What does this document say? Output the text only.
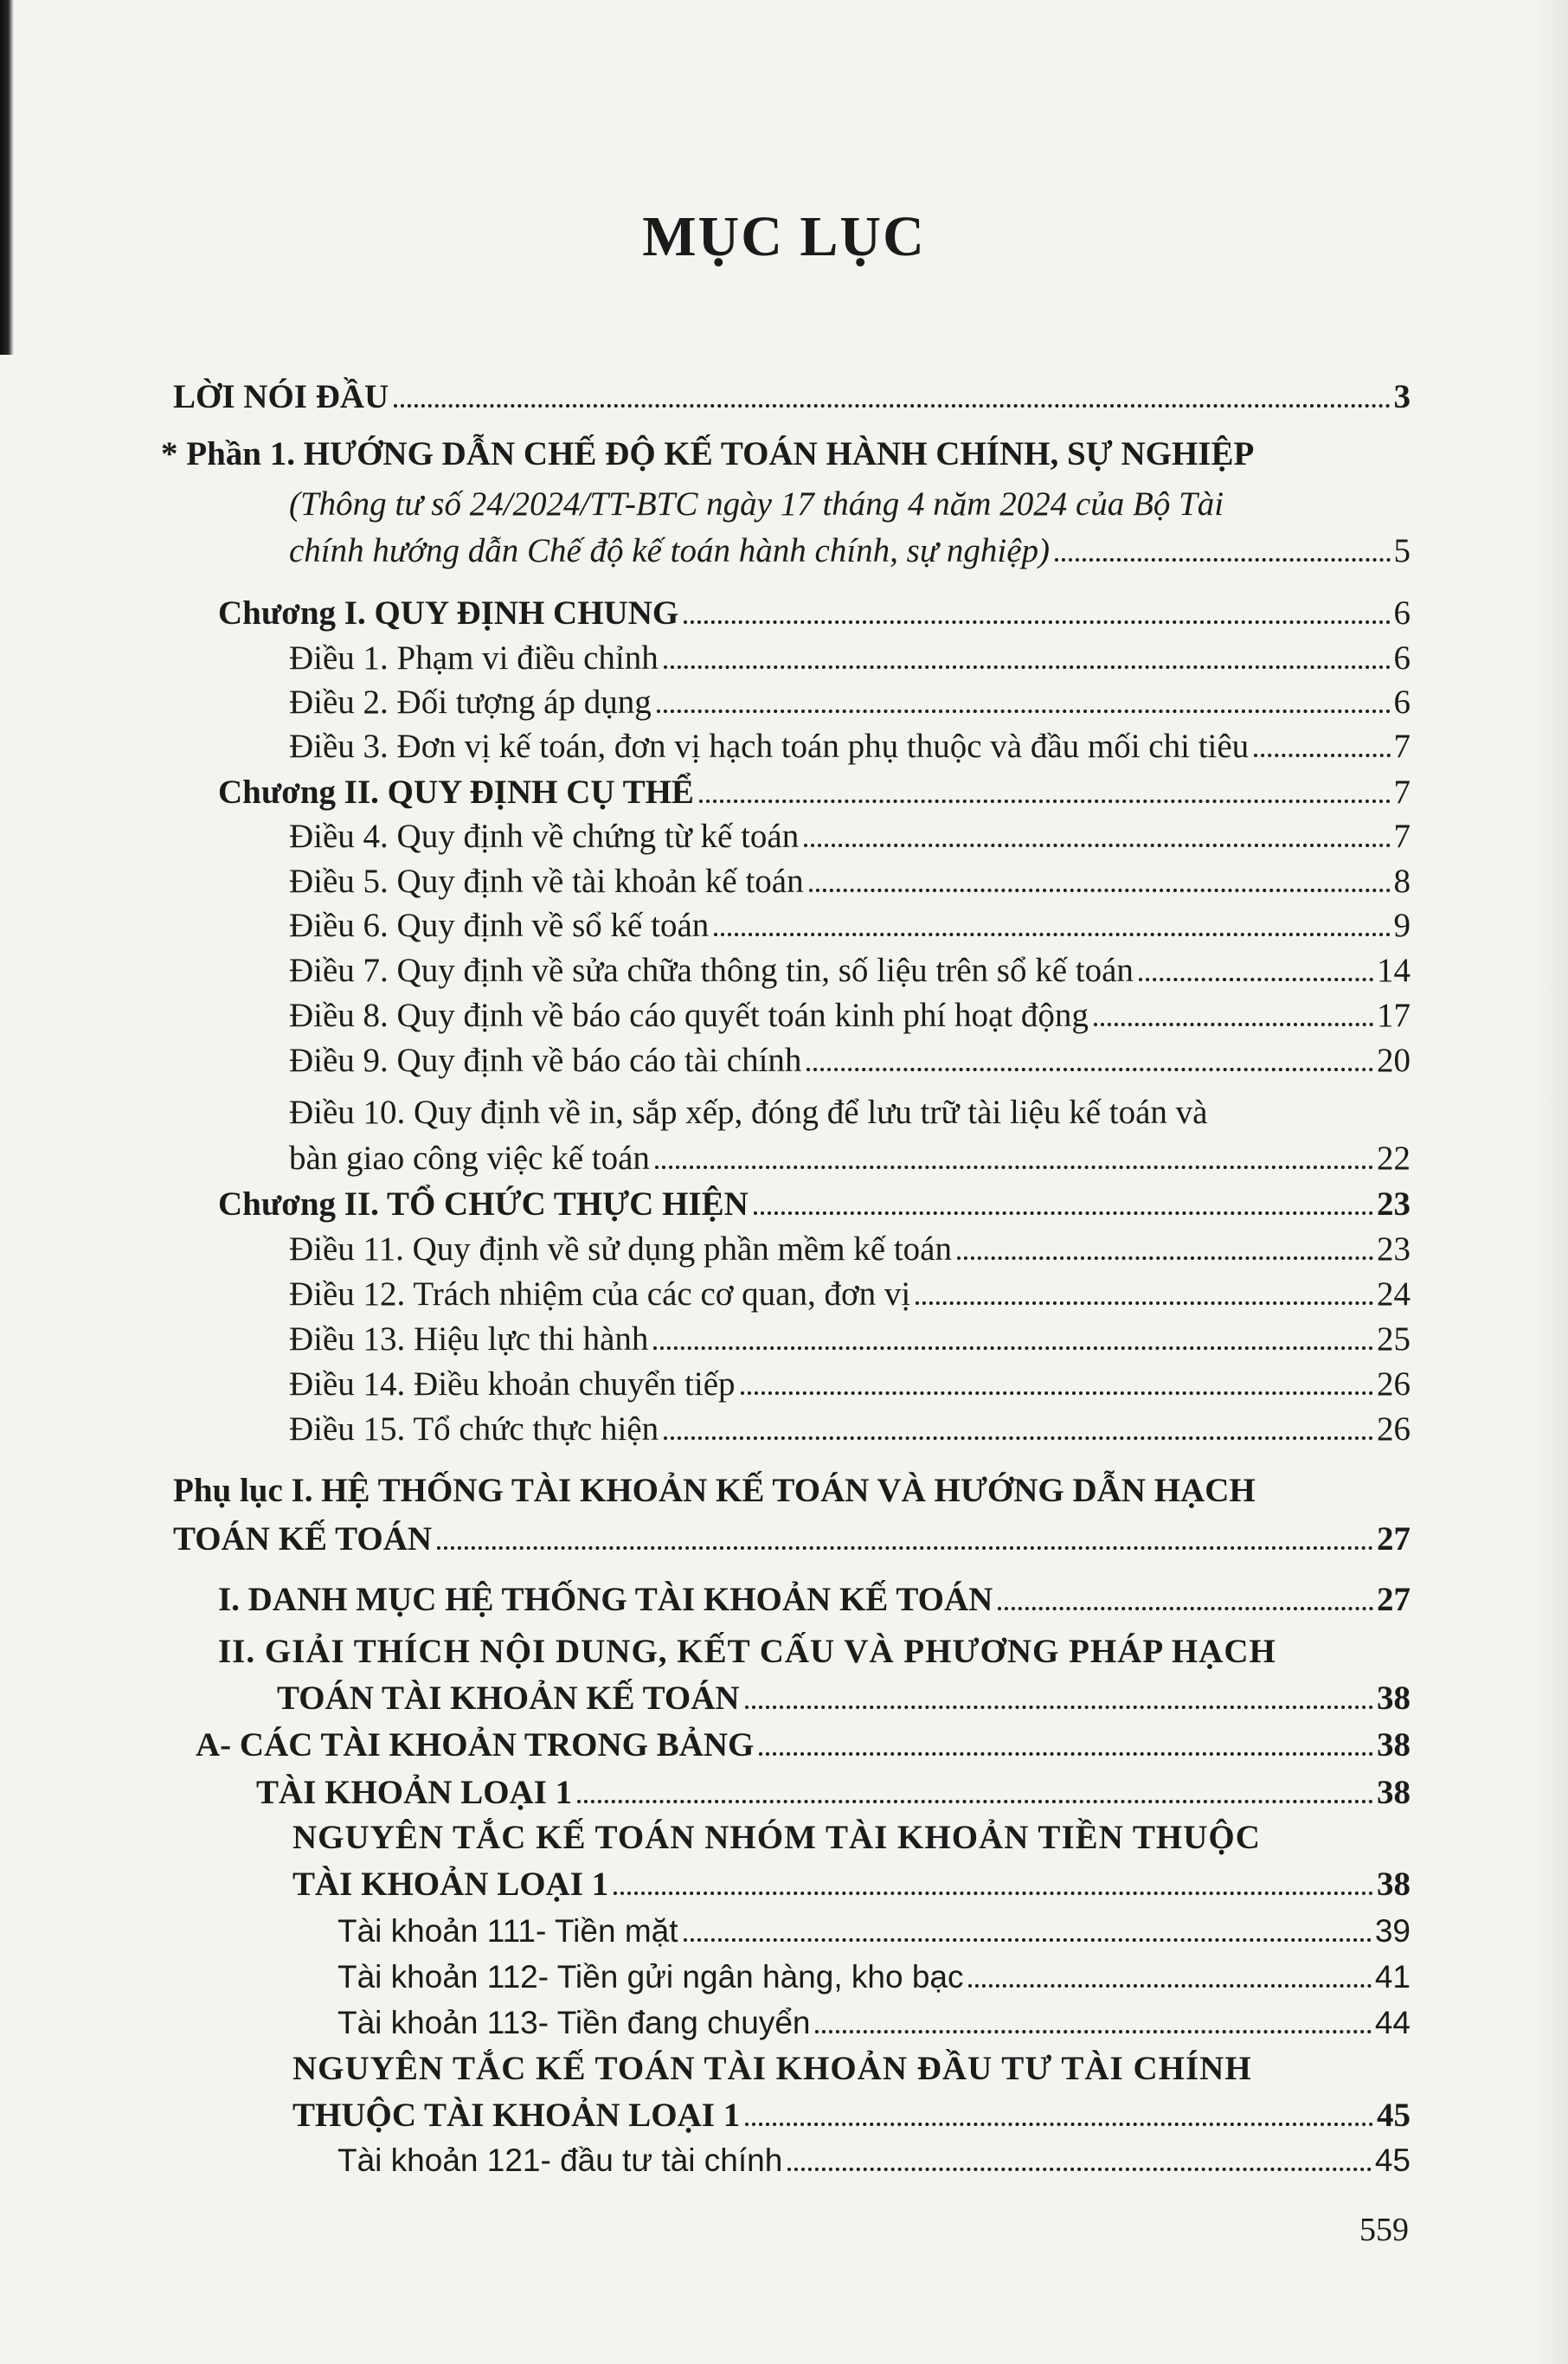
MỤC LỤC
LỜI NÓI ĐẦU	3
* Phần 1. HƯỚNG DẪN CHẾ ĐỘ KẾ TOÁN HÀNH CHÍNH, SỰ NGHIỆP
(Thông tư số 24/2024/TT-BTC ngày 17 tháng 4 năm 2024 của Bộ Tài
chính hướng dẫn Chế độ kế toán hành chính, sự nghiệp)	5
Chương I. QUY ĐỊNH CHUNG	6
Điều 1. Phạm vi điều chỉnh	6
Điều 2. Đối tượng áp dụng	6
Điều 3. Đơn vị kế toán, đơn vị hạch toán phụ thuộc và đầu mối chi tiêu	7
Chương II. QUY ĐỊNH CỤ THỂ	7
Điều 4. Quy định về chứng từ kế toán	7
Điều 5. Quy định về tài khoản kế toán	8
Điều 6. Quy định về sổ kế toán	9
Điều 7. Quy định về sửa chữa thông tin, số liệu trên sổ kế toán	14
Điều 8. Quy định về báo cáo quyết toán kinh phí hoạt động	17
Điều 9. Quy định về báo cáo tài chính	20
Điều 10. Quy định về in, sắp xếp, đóng để lưu trữ tài liệu kế toán và
bàn giao công việc kế toán	22
Chương II. TỔ CHỨC THỰC HIỆN	23
Điều 11. Quy định về sử dụng phần mềm kế toán	23
Điều 12. Trách nhiệm của các cơ quan, đơn vị	24
Điều 13. Hiệu lực thi hành	25
Điều 14. Điều khoản chuyển tiếp	26
Điều 15. Tổ chức thực hiện	26
Phụ lục I. HỆ THỐNG TÀI KHOẢN KẾ TOÁN VÀ HƯỚNG DẪN HẠCH
TOÁN KẾ TOÁN	27
I. DANH MỤC HỆ THỐNG TÀI KHOẢN KẾ TOÁN	27
II. GIẢI THÍCH NỘI DUNG, KẾT CẤU VÀ PHƯƠNG PHÁP HẠCH
TOÁN TÀI KHOẢN KẾ TOÁN	38
A- CÁC TÀI KHOẢN TRONG BẢNG	38
TÀI KHOẢN LOẠI 1	38
NGUYÊN TẮC KẾ TOÁN NHÓM TÀI KHOẢN TIỀN THUỘC
TÀI KHOẢN LOẠI 1	38
Tài khoản 111- Tiền mặt	39
Tài khoản 112- Tiền gửi ngân hàng, kho bạc	41
Tài khoản 113- Tiền đang chuyển	44
NGUYÊN TẮC KẾ TOÁN TÀI KHOẢN ĐẦU TƯ TÀI CHÍNH
THUỘC TÀI KHOẢN LOẠI 1	45
Tài khoản 121- đầu tư tài chính	45
559
